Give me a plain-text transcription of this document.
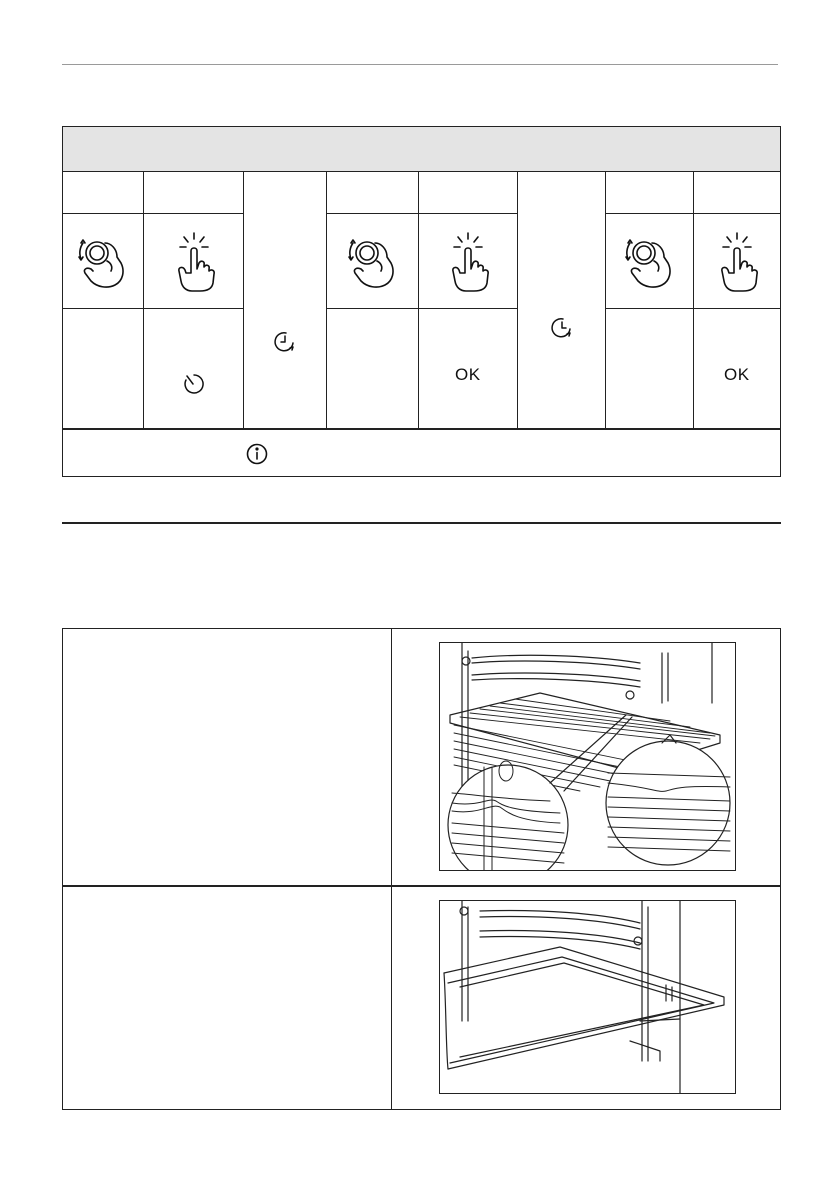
OK	OK
